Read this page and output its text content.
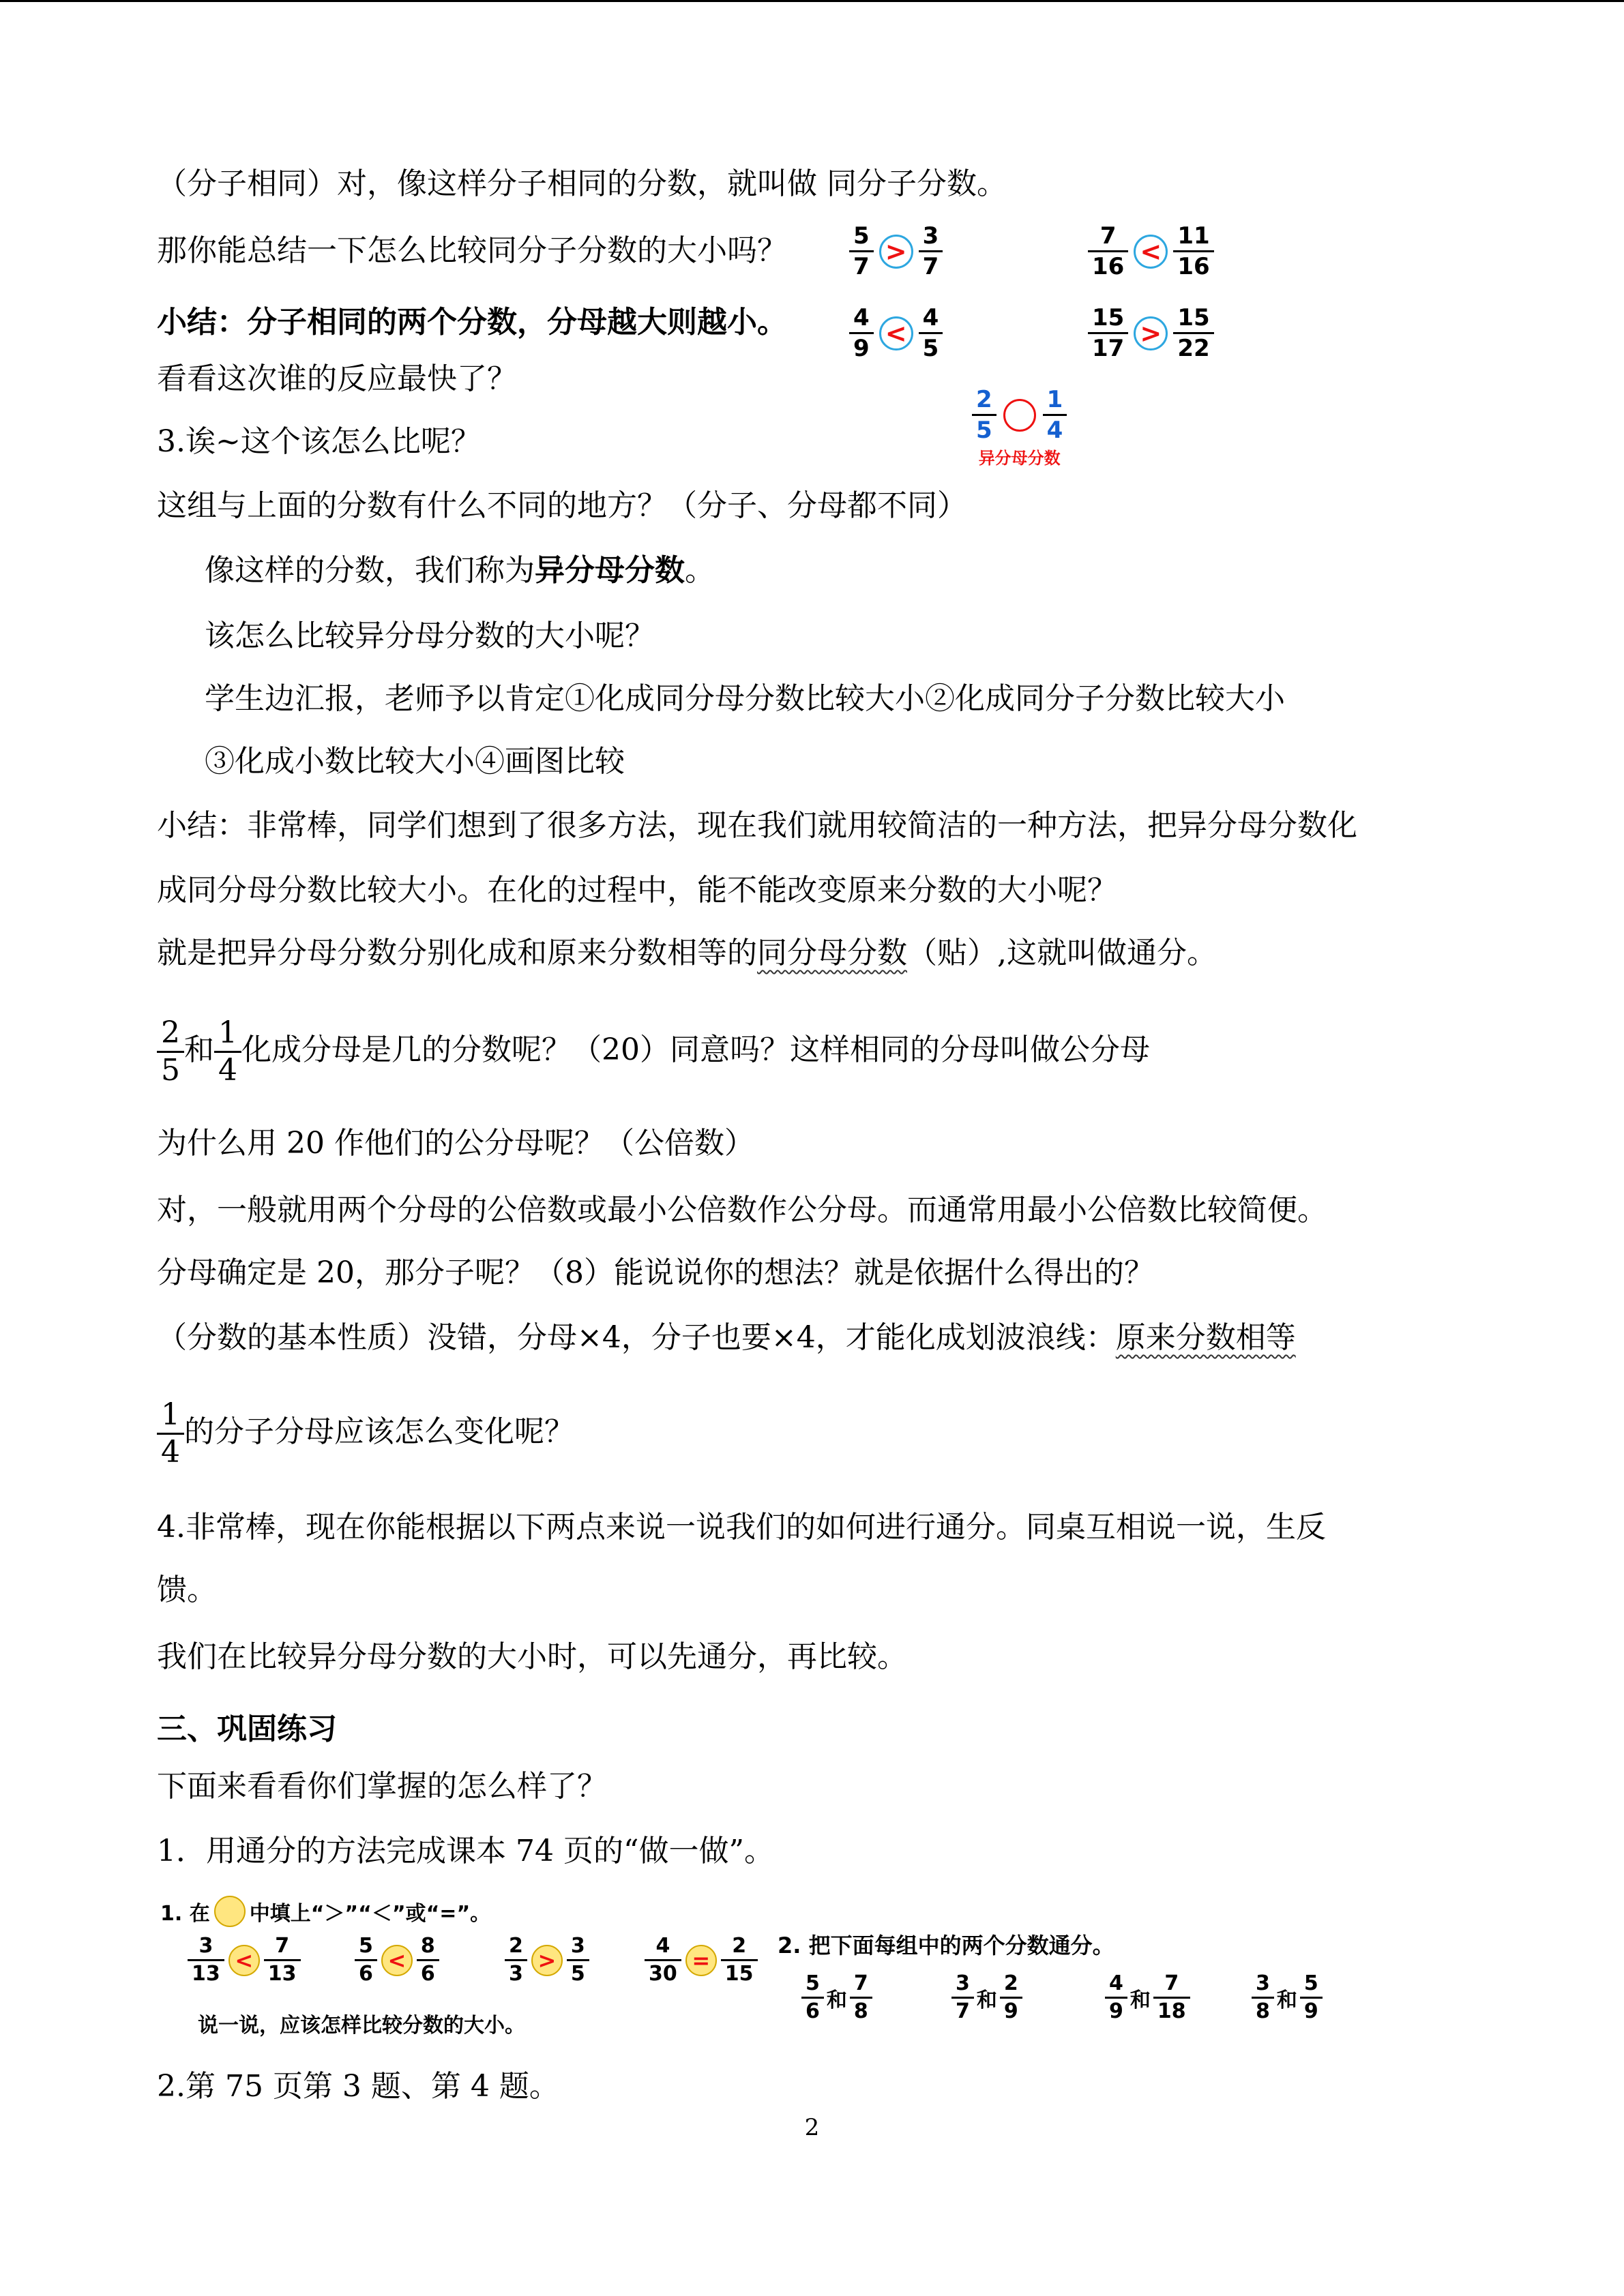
（分子相同）对，像这样分子相同的分数，就叫做 同分子分数。
那你能总结一下怎么比较同分子分数的大小吗？
小结：分子相同的两个分数，分母越大则越小。
看看这次谁的反应最快了？
3.诶~这个该怎么比呢？
这组与上面的分数有什么不同的地方？（分子、分母都不同）
像这样的分数，我们称为异分母分数。
该怎么比较异分母分数的大小呢？
学生边汇报，老师予以肯定①化成同分母分数比较大小②化成同分子分数比较大小
③化成小数比较大小④画图比较
小结：非常棒，同学们想到了很多方法，现在我们就用较简洁的一种方法，把异分母分数化
成同分母分数比较大小。在化的过程中，能不能改变原来分数的大小呢？
就是把异分母分数分别化成和原来分数相等的同分母分数（贴）,这就叫做通分。
$\frac{2}{5}$ 和 $\frac{1}{4}$ 化成分母是几的分数呢？（20）同意吗？这样相同的分母叫做公分母
为什么用 20 作他们的公分母呢？（公倍数）
对，一般就用两个分母的公倍数或最小公倍数作公分母。而通常用最小公倍数比较简便。
分母确定是 20，那分子呢？（8）能说说你的想法？就是依据什么得出的？
（分数的基本性质）没错，分母×4，分子也要×4，才能化成划波浪线：原来分数相等
$\frac{1}{4}$ 的分子分母应该怎么变化呢？
4.非常棒，现在你能根据以下两点来说一说我们的如何进行通分。同桌互相说一说，生反
馈。
我们在比较异分母分数的大小时，可以先通分，再比较。
三、巩固练习
下面来看看你们掌握的怎么样了？
1．用通分的方法完成课本 74 页的“做一做”。
2.第 75 页第 3 题、第 4 题。
$\frac{5}{7} > \frac{3}{7}$	$\frac{7}{16} < \frac{11}{16}$
$\frac{4}{9} < \frac{4}{5}$	$\frac{15}{17} > \frac{15}{22}$
$\frac{2}{5} \frac{1}{4}$
异分母分数
1. 在 中填上“＞”“＜”或“=”。
$\frac{3}{13} < \frac{7}{13}$	$\frac{5}{6} < \frac{8}{6}$	$\frac{2}{3} > \frac{3}{5}$	$\frac{4}{30} = \frac{2}{15}$
说一说，应该怎样比较分数的大小。
2. 把下面每组中的两个分数通分。
$\frac{5}{6}$ 和 $\frac{7}{8}$	$\frac{3}{7}$ 和 $\frac{2}{9}$	$\frac{4}{9}$ 和 $\frac{7}{18}$	$\frac{3}{8}$ 和 $\frac{5}{9}$
2
